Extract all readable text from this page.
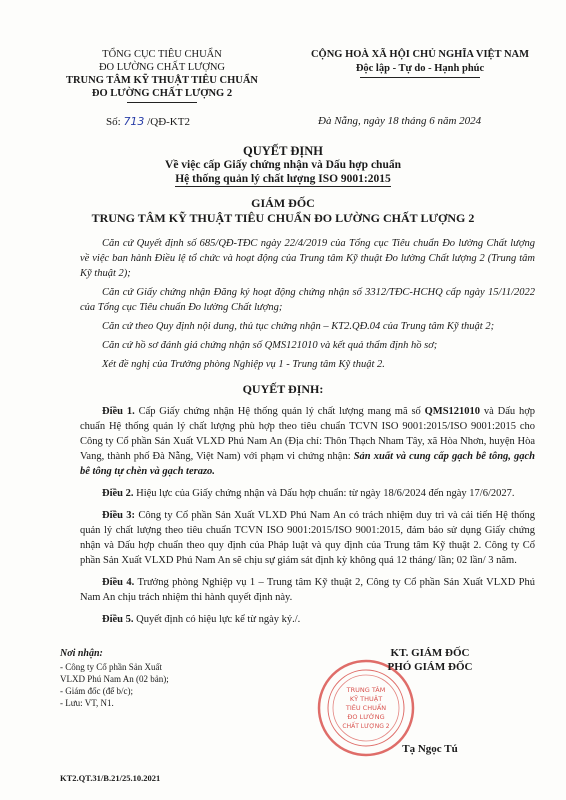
TỔNG CỤC TIÊU CHUẨN
ĐO LƯỜNG CHẤT LƯỢNG
TRUNG TÂM KỸ THUẬT TIÊU CHUẨN
ĐO LƯỜNG CHẤT LƯỢNG 2
CỘNG HOÀ XÃ HỘI CHỦ NGHĨA VIỆT NAM
Độc lập - Tự do - Hạnh phúc
Số: 713 /QĐ-KT2	Đà Nẵng, ngày 18 tháng 6 năm 2024
QUYẾT ĐỊNH
Về việc cấp Giấy chứng nhận và Dấu hợp chuẩn
Hệ thống quản lý chất lượng ISO 9001:2015
GIÁM ĐỐC
TRUNG TÂM KỸ THUẬT TIÊU CHUẨN ĐO LƯỜNG CHẤT LƯỢNG 2

Căn cứ Quyết định số 685/QĐ-TĐC ngày 22/4/2019 của Tổng cục Tiêu chuẩn Đo lường Chất lượng về việc ban hành Điều lệ tổ chức và hoạt động của Trung tâm Kỹ thuật Đo lường Chất lượng 2 (Trung tâm Kỹ thuật 2);

Căn cứ Giấy chứng nhận Đăng ký hoạt động chứng nhận số 3312/TĐC-HCHQ cấp ngày 15/11/2022 của Tổng cục Tiêu chuẩn Đo lường Chất lượng;

Căn cứ theo Quy định nội dung, thủ tục chứng nhận – KT2.QĐ.04 của Trung tâm Kỹ thuật 2;

Căn cứ hồ sơ đánh giá chứng nhận số QMS121010 và kết quả thẩm định hồ sơ;

Xét đề nghị của Trưởng phòng Nghiệp vụ 1 - Trung tâm Kỹ thuật 2.

QUYẾT ĐỊNH:

Điều 1. Cấp Giấy chứng nhận Hệ thống quản lý chất lượng mang mã số QMS121010 và Dấu hợp chuẩn Hệ thống quản lý chất lượng phù hợp theo tiêu chuẩn TCVN ISO 9001:2015/ISO 9001:2015 cho Công ty Cổ phần Sản Xuất VLXD Phú Nam An (Địa chỉ: Thôn Thạch Nham Tây, xã Hòa Nhơn, huyện Hòa Vang, thành phố Đà Nẵng, Việt Nam) với phạm vi chứng nhận: Sản xuất và cung cấp gạch bê tông, gạch bê tông tự chèn và gạch terazo.

Điều 2. Hiệu lực của Giấy chứng nhận và Dấu hợp chuẩn: từ ngày 18/6/2024 đến ngày 17/6/2027.

Điều 3: Công ty Cổ phần Sản Xuất VLXD Phú Nam An có trách nhiệm duy trì và cải tiến Hệ thống quản lý chất lượng theo tiêu chuẩn TCVN ISO 9001:2015/ISO 9001:2015, đảm bảo sử dụng Giấy chứng nhận và Dấu hợp chuẩn theo quy định của Pháp luật và quy định của Trung tâm Kỹ thuật 2. Công ty Cổ phần Sản Xuất VLXD Phú Nam An sẽ chịu sự giám sát định kỳ không quá 12 tháng/ lần; 02 lần/ 3 năm.

Điều 4. Trưởng phòng Nghiệp vụ 1 – Trung tâm Kỹ thuật 2, Công ty Cổ phần Sản Xuất VLXD Phú Nam An chịu trách nhiệm thi hành quyết định này.

Điều 5. Quyết định có hiệu lực kể từ ngày ký./.

Nơi nhận:
- Công ty Cổ phần Sản Xuất
VLXD Phú Nam An (02 bản);
- Giám đốc (để b/c);
- Lưu: VT, N1.
TRUNG TÂM
KỸ THUẬT
TIÊU CHUẨN
ĐO LƯỜNG
CHẤT LƯỢNG 2
KT. GIÁM ĐỐC
PHÓ GIÁM ĐỐC
Tạ Ngọc Tú
KT2.QT.31/B.21/25.10.2021
